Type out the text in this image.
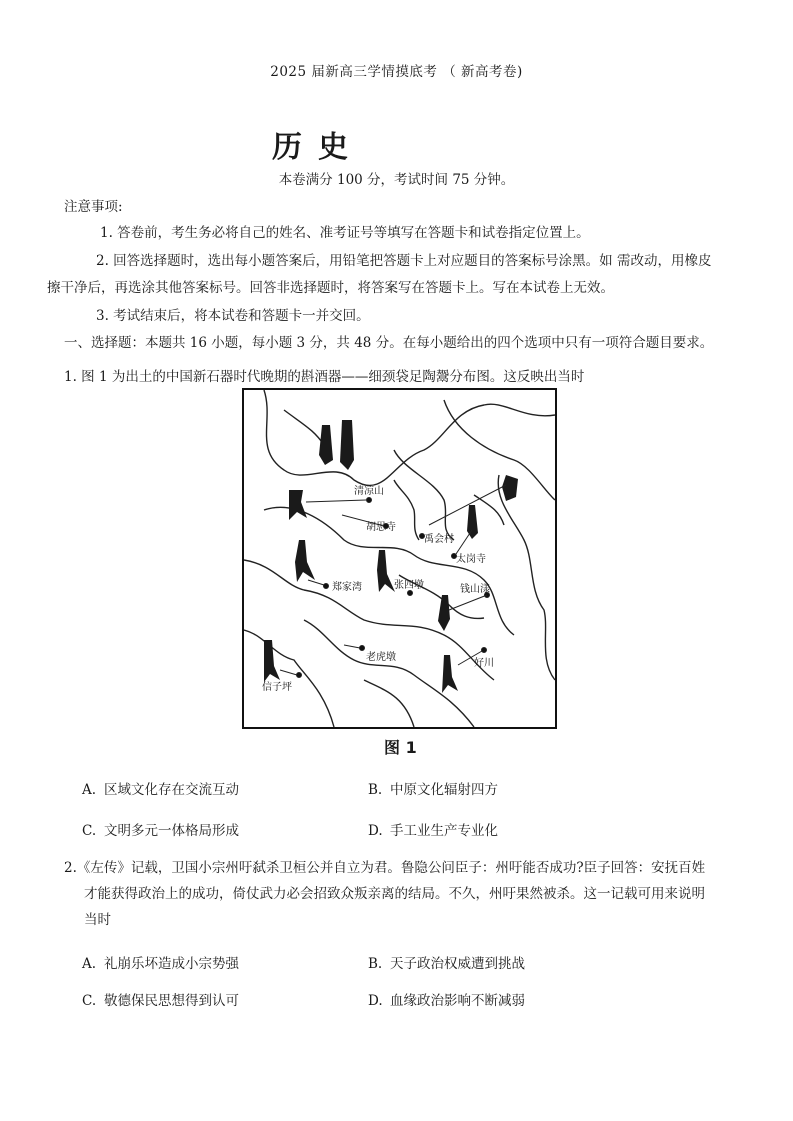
2025 届新高三学情摸底考 （ 新高考卷)
历史
本卷满分 100 分，考试时间 75 分钟。
注意事项:
1. 答卷前，考生务必将自己的姓名、准考证号等填写在答题卡和试卷指定位置上。
2. 回答选择题时，选出每小题答案后，用铅笔把答题卡上对应题目的答案标号涂黑。如 需改动，用橡皮
擦干净后，再选涂其他答案标号。回答非选择题时，将答案写在答题卡上。写在本试卷上无效。
3. 考试结束后，将本试卷和答题卡一并交回。
一、选择题：本题共 16 小题，每小题 3 分，共 48 分。在每小题给出的四个选项中只有一项符合题目要求。
1. 图 1 为出土的中国新石器时代晚期的斟酒器——细颈袋足陶鬶分布图。这反映出当时
清凉山
胡思寺
禹会村
太岗寺
郑家湾	张四墩	钱山漾
老虎墩
好川
信子坪
图 1
A. 区域文化存在交流互动	B. 中原文化辐射四方
C. 文明多元一体格局形成	D. 手工业生产专业化
2.《左传》记载，卫国小宗州吁弑杀卫桓公并自立为君。鲁隐公问臣子：州吁能否成功?臣子回答：安抚百姓
才能获得政治上的成功，倚仗武力必会招致众叛亲离的结局。不久，州吁果然被杀。这一记载可用来说明
当时
A. 礼崩乐坏造成小宗势强	B. 天子政治权威遭到挑战
C. 敬德保民思想得到认可	D. 血缘政治影响不断减弱
